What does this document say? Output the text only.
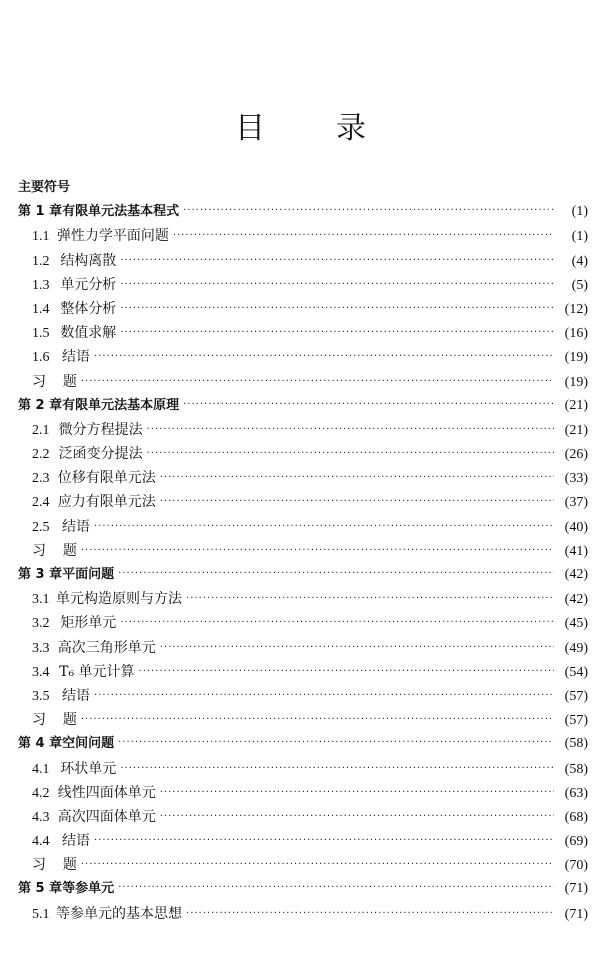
目 录
主要符号
第 1 章 有限单元法基本程式 ·····	(1)
1.1 弹性力学平面问题 ·····	(1)
1.2 结构离散 ·····	(4)
1.3 单元分析 ·····	(5)
1.4 整体分析 ·····	(12)
1.5 数值求解 ·····	(16)
1.6 结语 ·····	(19)
习	题 ·····	(19)
第 2 章 有限单元法基本原理 ·····	(21)
2.1 微分方程提法 ·····	(21)
2.2 泛函变分提法 ·····	(26)
2.3 位移有限单元法 ·····	(33)
2.4 应力有限单元法 ·····	(37)
2.5 结语 ·····	(40)
习	题 ·····	(41)
第 3 章 平面问题 ·····	(42)
3.1 单元构造原则与方法 ·····	(42)
3.2 矩形单元 ·····	(45)
3.3 高次三角形单元 ·····	(49)
3.4 T₆ 单元计算 ·····	(54)
3.5 结语 ·····	(57)
习	题 ·····	(57)
第 4 章 空间问题 ·····	(58)
4.1 环状单元 ·····	(58)
4.2 线性四面体单元 ·····	(63)
4.3 高次四面体单元 ·····	(68)
4.4 结语 ·····	(69)
习	题 ·····	(70)
第 5 章 等参单元 ·····	(71)
5.1 等参单元的基本思想 ·····	(71)
